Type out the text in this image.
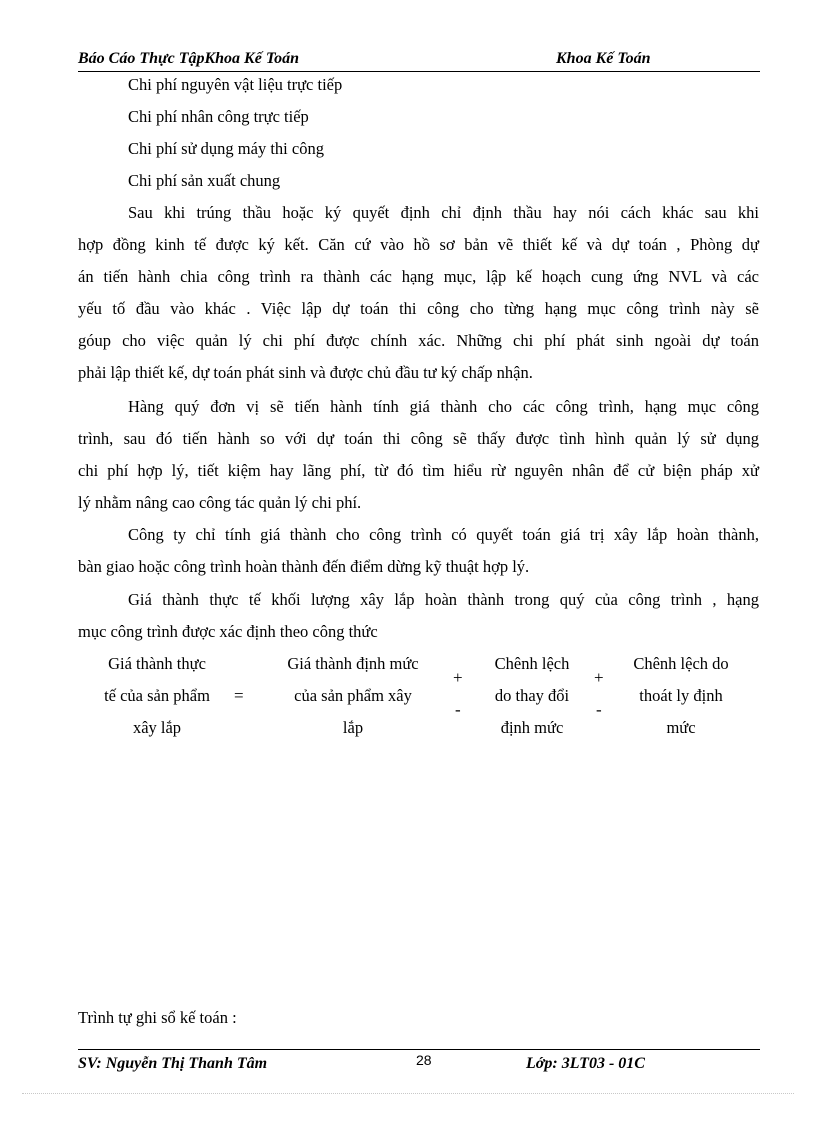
Báo Cáo Thực TậpKhoa Kế Toán	Khoa Kế Toán
Chi phí nguyên vật liệu trực tiếp
Chi phí nhân công trực tiếp
Chi phí sử dụng máy thi công
Chi phí sản xuất chung
Sau khi trúng thầu hoặc ký quyết định chỉ định thầu hay nói cách khác sau khi
hợp đồng kinh tế được ký kết. Căn cứ vào hồ sơ bản vẽ thiết kế và dự toán , Phòng dự
án tiến hành chia công trình ra thành các hạng mục, lập kế hoạch cung ứng NVL và các
yếu tố đầu vào khác . Việc lập dự toán thi công cho từng hạng mục công trình này sẽ
góup cho việc quản lý chi phí được chính xác. Những chi phí phát sinh ngoài dự toán
phải lập thiết kế, dự toán phát sinh và được chủ đầu tư ký chấp nhận.
Hàng quý đơn vị sẽ tiến hành tính giá thành cho các công trình, hạng mục công
trình, sau đó tiến hành so với dự toán thi công sẽ thấy được tình hình quản lý sử dụng
chi phí hợp lý, tiết kiệm hay lãng phí, từ đó tìm hiểu rừ nguyên nhân để cử biện pháp xử
lý nhằm nâng cao công tác quản lý chi phí.
Công ty chỉ tính giá thành cho công trình có quyết toán giá trị xây lắp hoàn thành,
bàn giao hoặc công trình hoàn thành đến điểm dừng kỹ thuật hợp lý.
Giá thành thực tế khối lượng xây lắp hoàn thành trong quý của công trình , hạng
mục công trình được xác định theo công thức
Giá thành thực
tế của sản phẩm
xây lắp
=
Giá thành định mức
của sản phẩm xây
lắp
+
-
Chênh lệch
do thay đổi
định mức
+
-
Chênh lệch do
thoát ly định
mức
Trình tự ghi sổ kế toán :
SV: Nguyễn Thị Thanh Tâm	28	Lớp: 3LT03 - 01C
